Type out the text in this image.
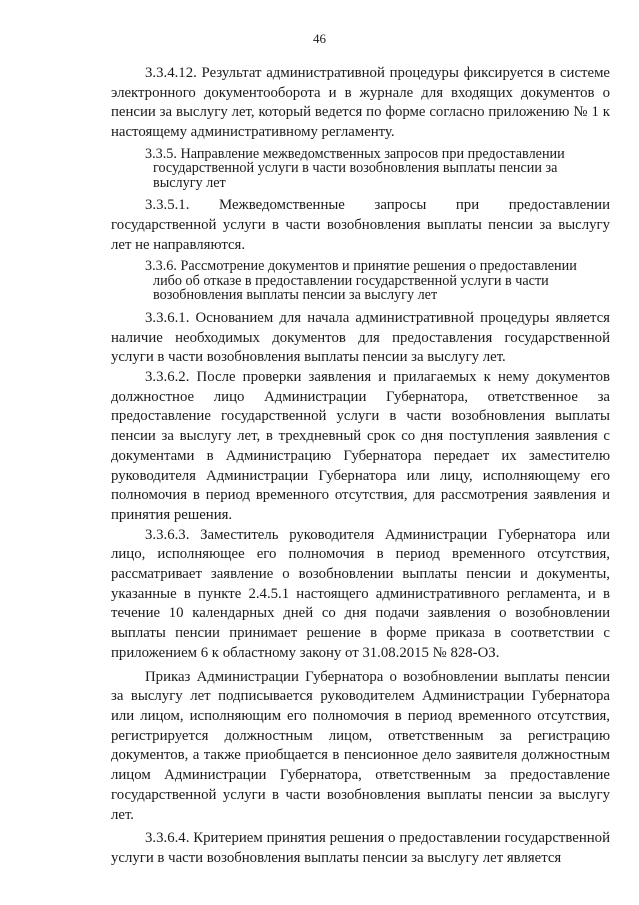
46

3.3.4.12. Результат административной процедуры фиксируется в системе электронного документооборота и в журнале для входящих документов о пенсии за выслугу лет, который ведется по форме согласно приложению № 1 к настоящему административному регламенту.

3.3.5. Направление межведомственных запросов при предоставлении
государственной услуги в части возобновления выплаты пенсии за выслугу лет

3.3.5.1. Межведомственные запросы при предоставлении государственной услуги в части возобновления выплаты пенсии за выслугу лет не направляются.

3.3.6. Рассмотрение документов и принятие решения о предоставлении
либо об отказе в предоставлении государственной услуги в части возобновления выплаты пенсии за выслугу лет

3.3.6.1. Основанием для начала административной процедуры является наличие необходимых документов для предоставления государственной услуги в части возобновления выплаты пенсии за выслугу лет.

3.3.6.2. После проверки заявления и прилагаемых к нему документов должностное лицо Администрации Губернатора, ответственное за предоставление государственной услуги в части возобновления выплаты пенсии за выслугу лет, в трехдневный срок со дня поступления заявления с документами в Администрацию Губернатора передает их заместителю руководителя Администрации Губернатора или лицу, исполняющему его полномочия в период временного отсутствия, для рассмотрения заявления и принятия решения.

3.3.6.3. Заместитель руководителя Администрации Губернатора или лицо, исполняющее его полномочия в период временного отсутствия, рассматривает заявление о возобновлении выплаты пенсии и документы, указанные в пункте 2.4.5.1 настоящего административного регламента, и в течение 10 календарных дней со дня подачи заявления о возобновлении выплаты пенсии принимает решение в форме приказа в соответствии с приложением 6 к областному закону от 31.08.2015 № 828-ОЗ.

Приказ Администрации Губернатора о возобновлении выплаты пенсии за выслугу лет подписывается руководителем Администрации Губернатора или лицом, исполняющим его полномочия в период временного отсутствия, регистрируется должностным лицом, ответственным за регистрацию документов, а также приобщается в пенсионное дело заявителя должностным лицом Администрации Губернатора, ответственным за предоставление государственной услуги в части возобновления выплаты пенсии за выслугу лет.

3.3.6.4. Критерием принятия решения о предоставлении государственной услуги в части возобновления выплаты пенсии за выслугу лет является
